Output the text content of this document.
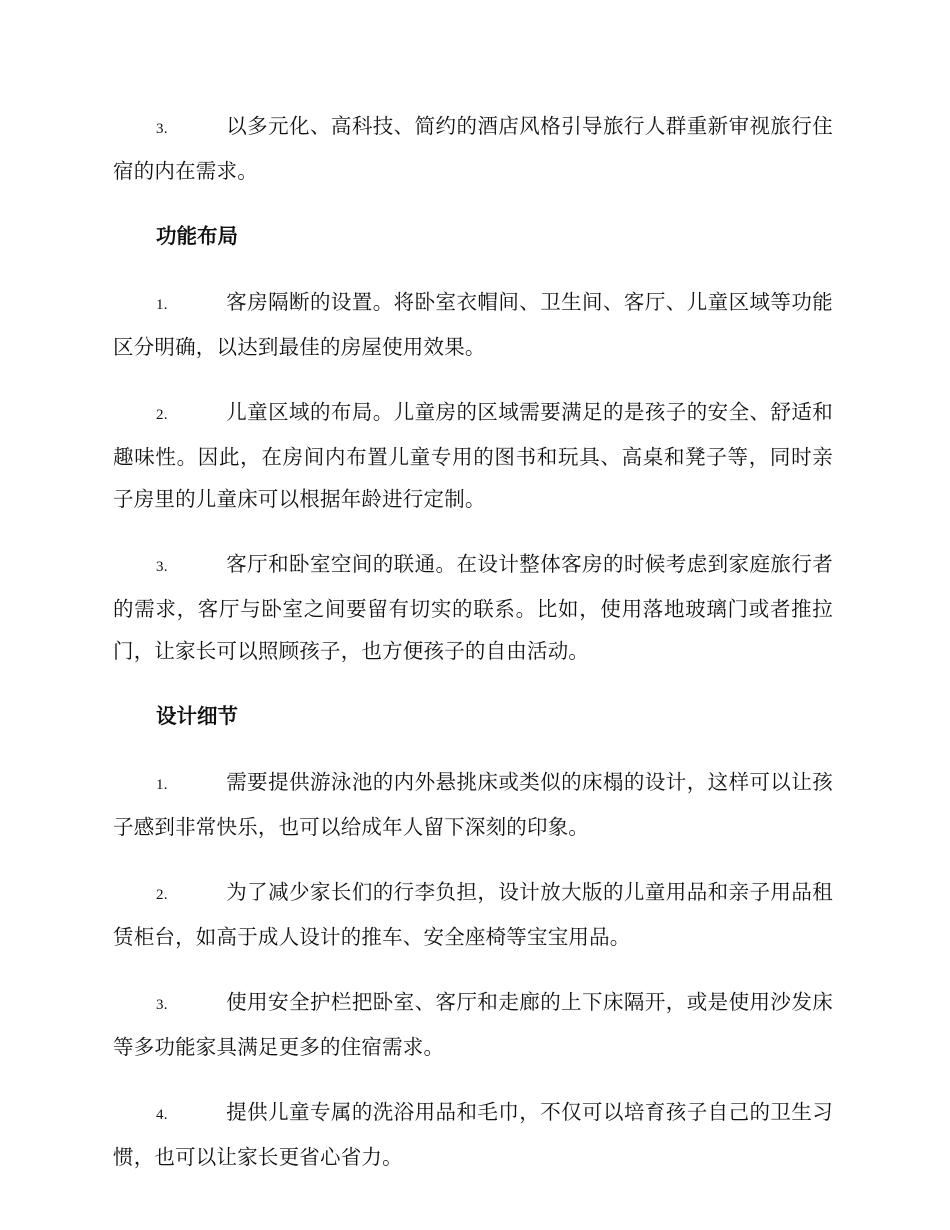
3.	以多元化、高科技、简约的酒店风格引导旅行人群重新审视旅行住宿的内在需求。

功能布局

1.	客房隔断的设置。将卧室衣帽间、卫生间、客厅、儿童区域等功能区分明确，以达到最佳的房屋使用效果。

2.	儿童区域的布局。儿童房的区域需要满足的是孩子的安全、舒适和趣味性。因此，在房间内布置儿童专用的图书和玩具、高桌和凳子等，同时亲子房里的儿童床可以根据年龄进行定制。

3.	客厅和卧室空间的联通。在设计整体客房的时候考虑到家庭旅行者的需求，客厅与卧室之间要留有切实的联系。比如，使用落地玻璃门或者推拉门，让家长可以照顾孩子，也方便孩子的自由活动。

设计细节

1.	需要提供游泳池的内外悬挑床或类似的床榻的设计，这样可以让孩子感到非常快乐，也可以给成年人留下深刻的印象。

2.	为了减少家长们的行李负担，设计放大版的儿童用品和亲子用品租赁柜台，如高于成人设计的推车、安全座椅等宝宝用品。

3.	使用安全护栏把卧室、客厅和走廊的上下床隔开，或是使用沙发床等多功能家具满足更多的住宿需求。

4.	提供儿童专属的洗浴用品和毛巾，不仅可以培育孩子自己的卫生习惯，也可以让家长更省心省力。
